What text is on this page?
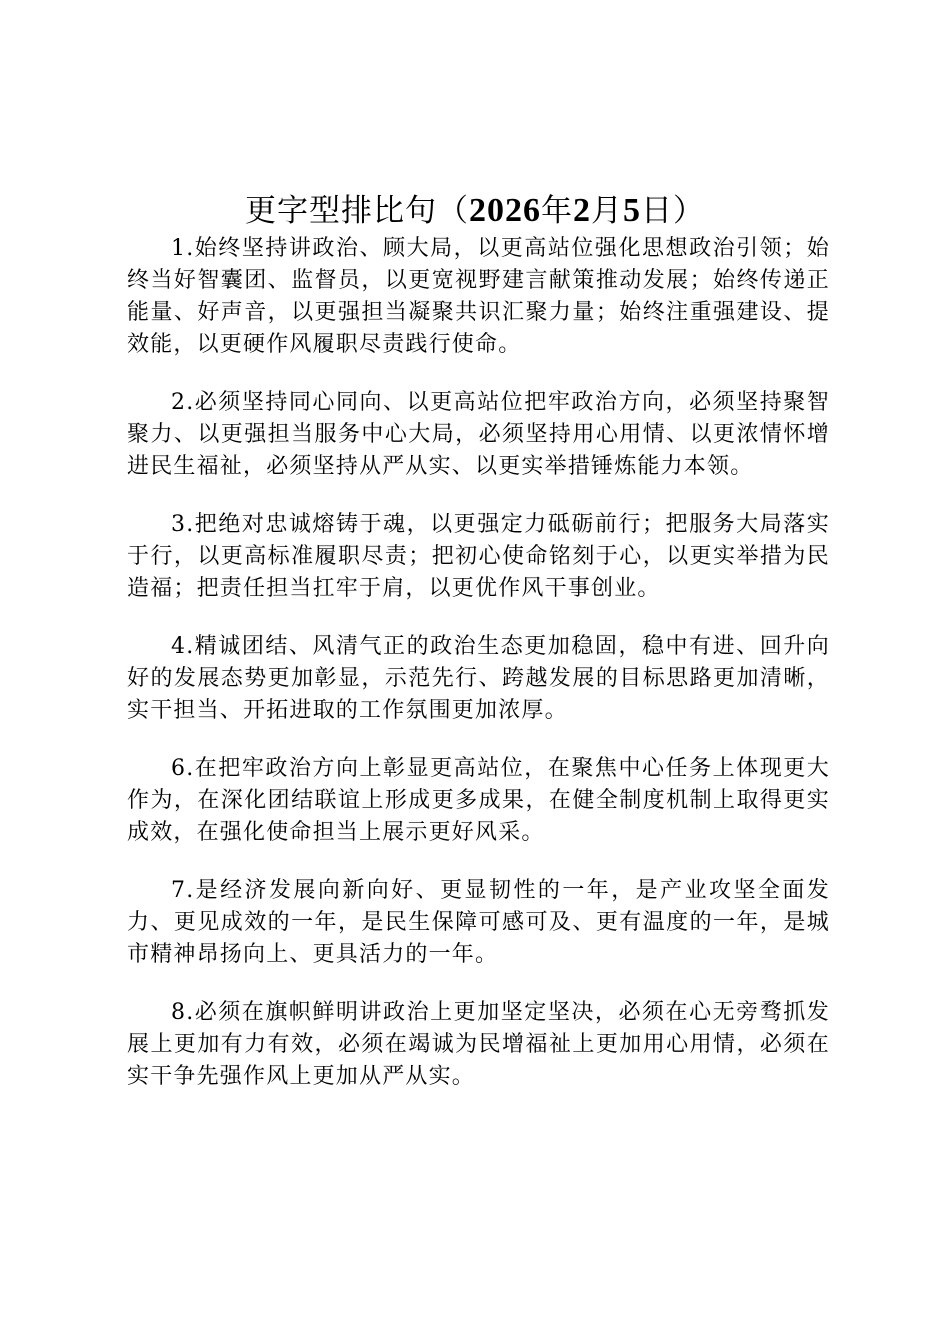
更字型排比句（2026年2月5日）

1.始终坚持讲政治、顾大局，以更高站位强化思想政治引领；始终当好智囊团、监督员，以更宽视野建言献策推动发展；始终传递正能量、好声音，以更强担当凝聚共识汇聚力量；始终注重强建设、提效能，以更硬作风履职尽责践行使命。

2.必须坚持同心同向、以更高站位把牢政治方向，必须坚持聚智聚力、以更强担当服务中心大局，必须坚持用心用情、以更浓情怀增进民生福祉，必须坚持从严从实、以更实举措锤炼能力本领。

3.把绝对忠诚熔铸于魂，以更强定力砥砺前行；把服务大局落实于行，以更高标准履职尽责；把初心使命铭刻于心，以更实举措为民造福；把责任担当扛牢于肩，以更优作风干事创业。

4.精诚团结、风清气正的政治生态更加稳固，稳中有进、回升向好的发展态势更加彰显，示范先行、跨越发展的目标思路更加清晰，实干担当、开拓进取的工作氛围更加浓厚。

6.在把牢政治方向上彰显更高站位，在聚焦中心任务上体现更大作为，在深化团结联谊上形成更多成果，在健全制度机制上取得更实成效，在强化使命担当上展示更好风采。

7.是经济发展向新向好、更显韧性的一年，是产业攻坚全面发力、更见成效的一年，是民生保障可感可及、更有温度的一年，是城市精神昂扬向上、更具活力的一年。

8.必须在旗帜鲜明讲政治上更加坚定坚决，必须在心无旁骛抓发展上更加有力有效，必须在竭诚为民增福祉上更加用心用情，必须在实干争先强作风上更加从严从实。
